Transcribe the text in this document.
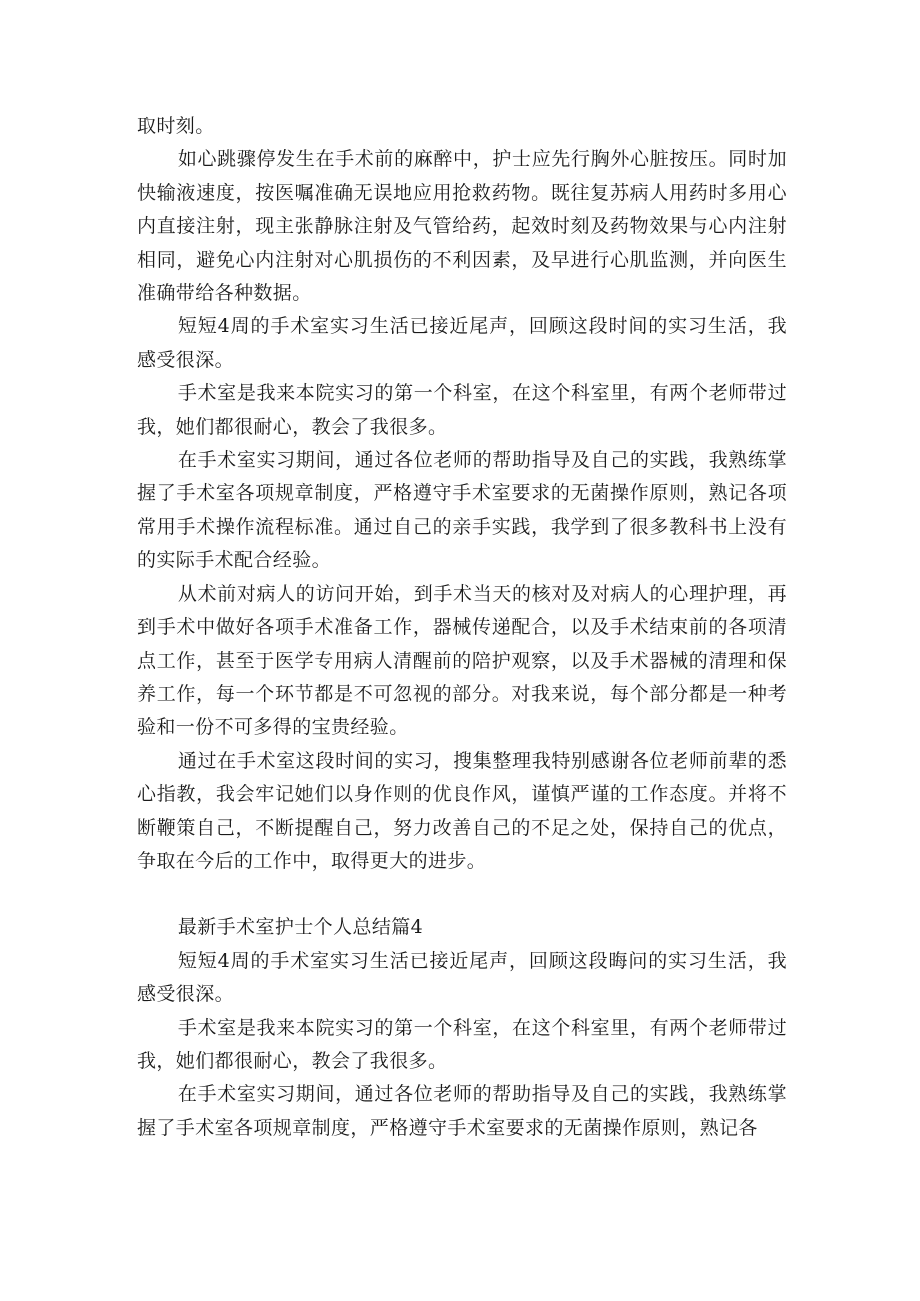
取时刻。

如心跳骤停发生在手术前的麻醉中，护士应先行胸外心脏按压。同时加快输液速度，按医嘱准确无误地应用抢救药物。既往复苏病人用药时多用心内直接注射，现主张静脉注射及气管给药，起效时刻及药物效果与心内注射相同，避免心内注射对心肌损伤的不利因素，及早进行心肌监测，并向医生准确带给各种数据。

短短4周的手术室实习生活已接近尾声，回顾这段时间的实习生活，我感受很深。

手术室是我来本院实习的第一个科室，在这个科室里，有两个老师带过我，她们都很耐心，教会了我很多。

在手术室实习期间，通过各位老师的帮助指导及自己的实践，我熟练掌握了手术室各项规章制度，严格遵守手术室要求的无菌操作原则，熟记各项常用手术操作流程标准。通过自己的亲手实践，我学到了很多教科书上没有的实际手术配合经验。

从术前对病人的访问开始，到手术当天的核对及对病人的心理护理，再到手术中做好各项手术准备工作，器械传递配合，以及手术结束前的各项清点工作，甚至于医学专用病人清醒前的陪护观察，以及手术器械的清理和保养工作，每一个环节都是不可忽视的部分。对我来说，每个部分都是一种考验和一份不可多得的宝贵经验。

通过在手术室这段时间的实习，搜集整理我特别感谢各位老师前辈的悉心指教，我会牢记她们以身作则的优良作风，谨慎严谨的工作态度。并将不断鞭策自己，不断提醒自己，努力改善自己的不足之处，保持自己的优点，争取在今后的工作中，取得更大的进步。

最新手术室护士个人总结篇4

短短4周的手术室实习生活已接近尾声，回顾这段晦问的实习生活，我感受很深。

手术室是我来本院实习的第一个科室，在这个科室里，有两个老师带过我，她们都很耐心，教会了我很多。

在手术室实习期间，通过各位老师的帮助指导及自己的实践，我熟练掌握了手术室各项规章制度，严格遵守手术室要求的无菌操作原则，熟记各
